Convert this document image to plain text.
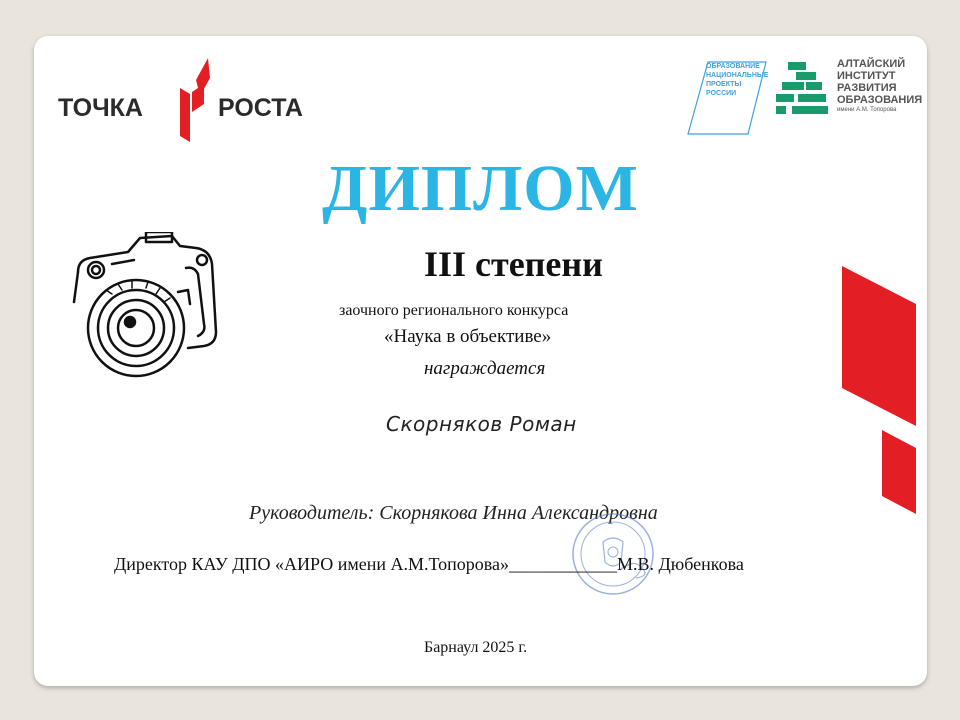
ТОЧКА	РОСТА
ОБРАЗОВАНИЕ
НАЦИОНАЛЬНЫЕ
ПРОЕКТЫ
РОССИИ
АЛТАЙСКИЙ
ИНСТИТУТ
РАЗВИТИЯ
ОБРАЗОВАНИЯ
имени А.М. Топорова
ДИПЛОМ
III степени
заочного регионального конкурса
«Наука в объективе»
награждается
Скорняков Роман
Руководитель: Скорнякова Инна Александровна
Директор КАУ ДПО «АИРО имени А.М.Топорова»____________М.В. Дюбенкова
Барнаул 2025 г.
